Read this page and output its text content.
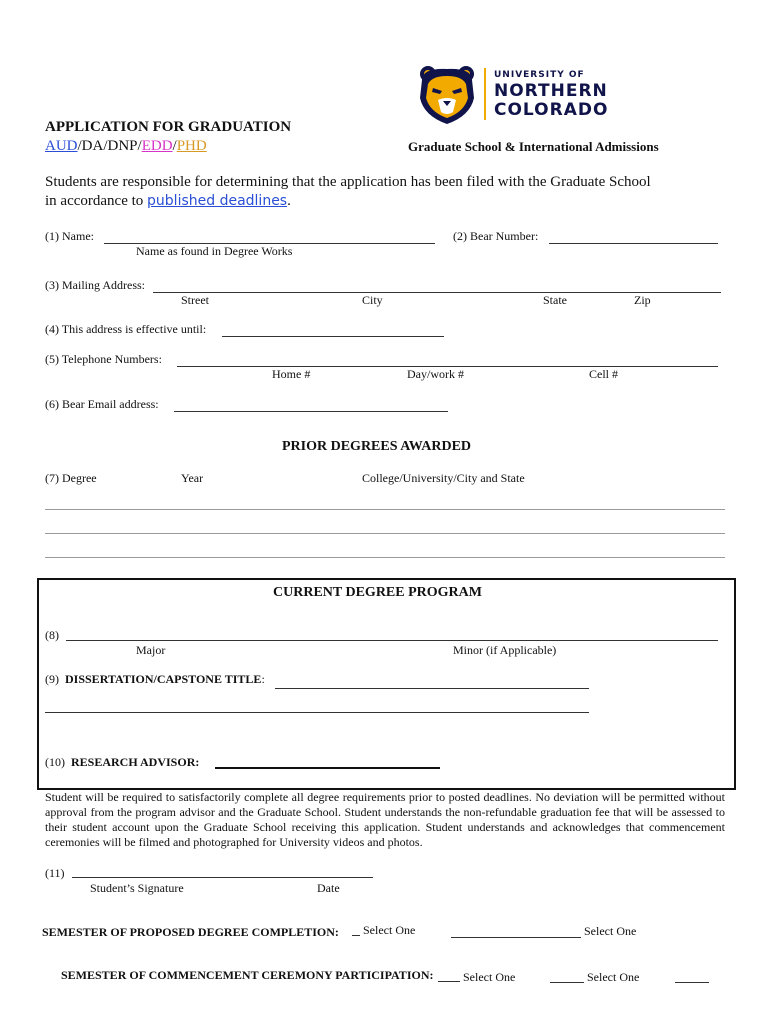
UNIVERSITY OF
NORTHERN
COLORADO
APPLICATION FOR GRADUATION
AUD/DA/DNP/EDD/PHD	Graduate School & International Admissions
Students are responsible for determining that the application has been filed with the Graduate School
in accordance to published deadlines.
(1) Name:
Name as found in Degree Works
(2) Bear Number:
(3) Mailing Address:
Street	City	State	Zip
(4) This address is effective until:
(5) Telephone Numbers:
Home #	Day/work #	Cell #
(6) Bear Email address:
PRIOR DEGREES AWARDED
(7) Degree	Year	College/University/City and State
CURRENT DEGREE PROGRAM
(8)
Major	Minor (if Applicable)
(9) DISSERTATION/CAPSTONE TITLE:
(10) RESEARCH ADVISOR:
Student will be required to satisfactorily complete all degree requirements prior to posted deadlines. No deviation will be permitted without approval from the program advisor and the Graduate School. Student understands the non-refundable graduation fee that will be assessed to their student account upon the Graduate School receiving this application. Student understands and acknowledges that commencement ceremonies will be filmed and photographed for University videos and photos.
(11)
Student’s Signature	Date
SEMESTER OF PROPOSED DEGREE COMPLETION: Select One	Select One
SEMESTER OF COMMENCEMENT CEREMONY PARTICIPATION: Select One	Select One
